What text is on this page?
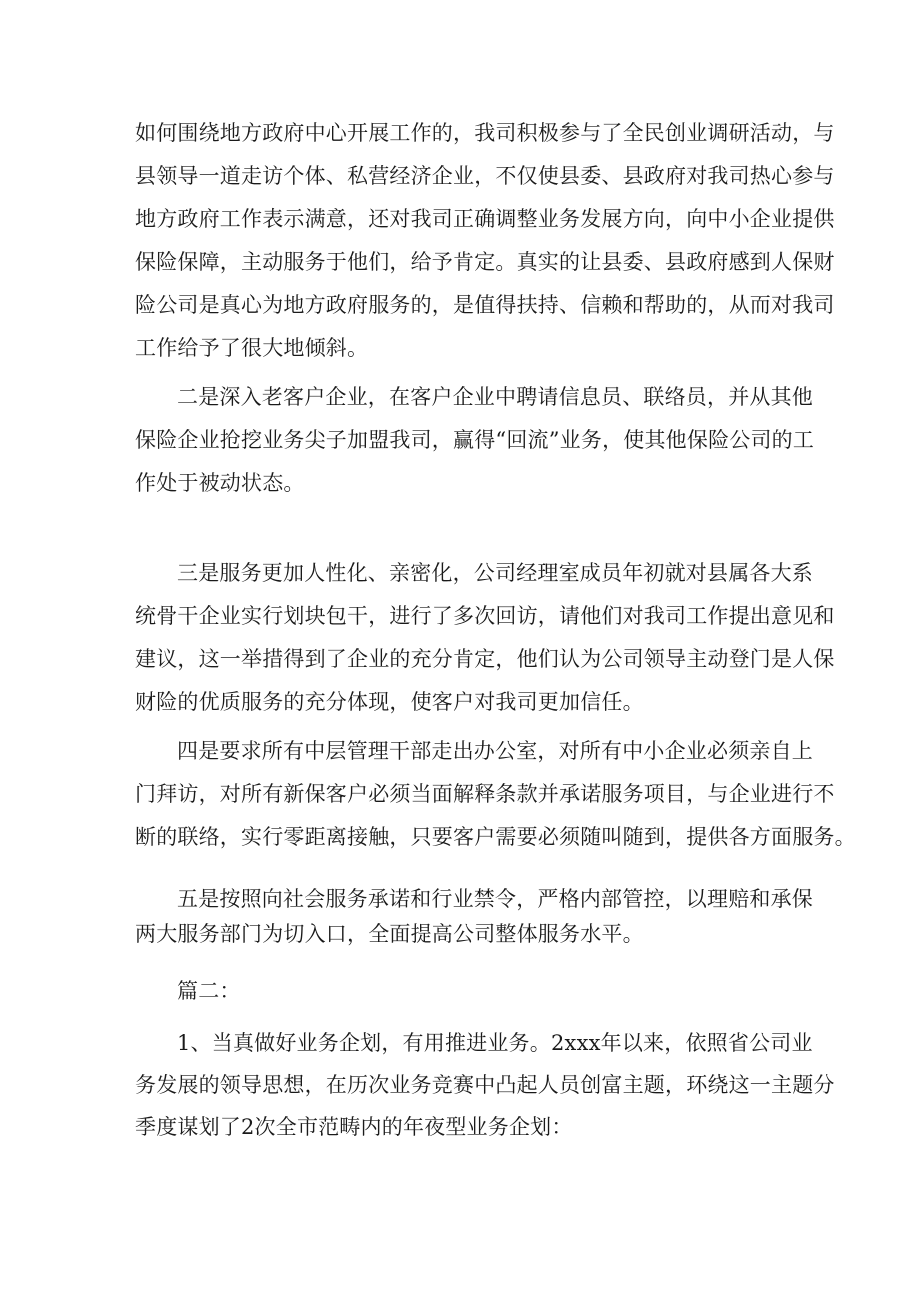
如何围绕地方政府中心开展工作的，我司积极参与了全民创业调研活动，与
县领导一道走访个体、私营经济企业，不仅使县委、县政府对我司热心参与
地方政府工作表示满意，还对我司正确调整业务发展方向，向中小企业提供
保险保障，主动服务于他们，给予肯定。真实的让县委、县政府感到人保财
险公司是真心为地方政府服务的，是值得扶持、信赖和帮助的，从而对我司
工作给予了很大地倾斜。

二是深入老客户企业，在客户企业中聘请信息员、联络员，并从其他
保险企业抢挖业务尖子加盟我司，赢得“回流”业务，使其他保险公司的工
作处于被动状态。

三是服务更加人性化、亲密化，公司经理室成员年初就对县属各大系
统骨干企业实行划块包干，进行了多次回访，请他们对我司工作提出意见和
建议，这一举措得到了企业的充分肯定，他们认为公司领导主动登门是人保
财险的优质服务的充分体现，使客户对我司更加信任。

四是要求所有中层管理干部走出办公室，对所有中小企业必须亲自上
门拜访，对所有新保客户必须当面解释条款并承诺服务项目，与企业进行不
断的联络，实行零距离接触，只要客户需要必须随叫随到，提供各方面服务。

五是按照向社会服务承诺和行业禁令，严格内部管控，以理赔和承保
两大服务部门为切入口，全面提高公司整体服务水平。

篇二：

1、当真做好业务企划，有用推进业务。2xxx年以来，依照省公司业
务发展的领导思想，在历次业务竞赛中凸起人员创富主题，环绕这一主题分
季度谋划了2次全市范畴内的年夜型业务企划：
